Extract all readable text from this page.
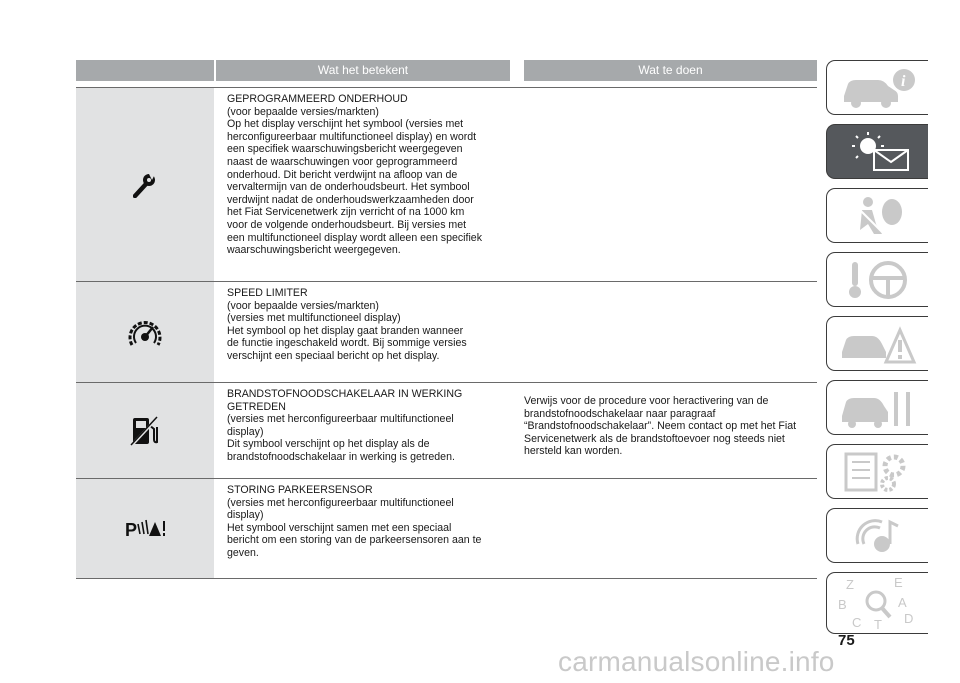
Wat het betekent	Wat te doen
GEPROGRAMMEERD ONDERHOUD
(voor bepaalde versies/markten)
Op het display verschijnt het symbool (versies met
herconfigureerbaar multifunctioneel display) en wordt
een specifiek waarschuwingsbericht weergegeven
naast de waarschuwingen voor geprogrammeerd
onderhoud. Dit bericht verdwijnt na afloop van de
vervaltermijn van de onderhoudsbeurt. Het symbool
verdwijnt nadat de onderhoudswerkzaamheden door
het Fiat Servicenetwerk zijn verricht of na 1000 km
voor de volgende onderhoudsbeurt. Bij versies met
een multifunctioneel display wordt alleen een specifiek
waarschuwingsbericht weergegeven.
SPEED LIMITER
(voor bepaalde versies/markten)
(versies met multifunctioneel display)
Het symbool op het display gaat branden wanneer
de functie ingeschakeld wordt. Bij sommige versies
verschijnt een speciaal bericht op het display.
BRANDSTOFNOODSCHAKELAAR IN WERKING
GETREDEN
(versies met herconfigureerbaar multifunctioneel
display)
Dit symbool verschijnt op het display als de
brandstofnoodschakelaar in werking is getreden.
Verwijs voor de procedure voor heractivering van de brandstofnoodschakelaar naar paragraaf “Brandstofnoodschakelaar”. Neem contact op met het Fiat Servicenetwerk als de brandstoftoevoer nog steeds niet hersteld kan worden.
P
STORING PARKEERSENSOR
(versies met herconfigureerbaar multifunctioneel
display)
Het symbool verschijnt samen met een speciaal
bericht om een storing van de parkeersensoren aan te
geven.
i
Z	E
B	A
C T D
75
carmanualsonline.info
